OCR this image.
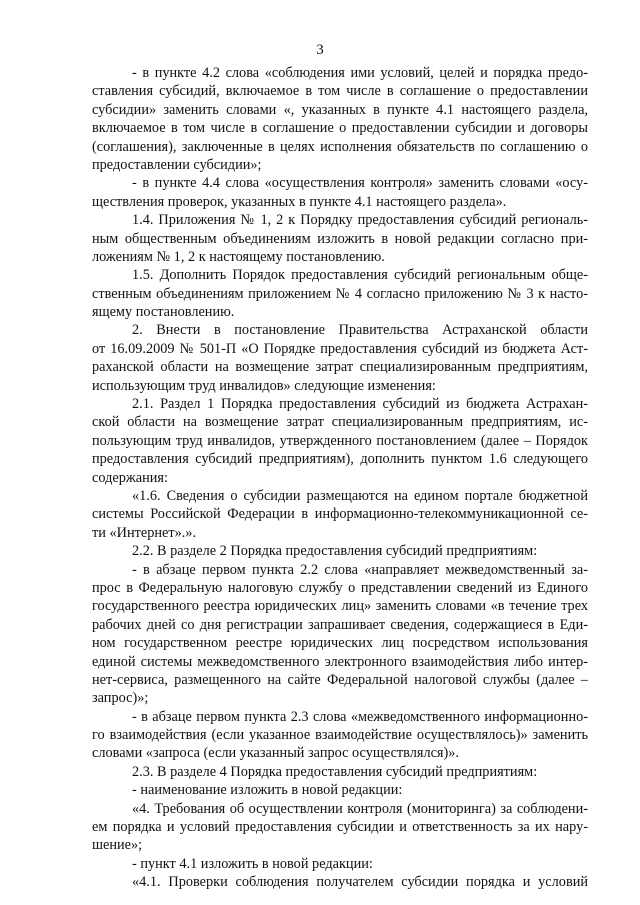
3
- в пункте 4.2 слова «соблюдения ими условий, целей и порядка предо-
ставления субсидий, включаемое в том числе в соглашение о предоставлении
субсидии» заменить словами «, указанных в пункте 4.1 настоящего раздела,
включаемое в том числе в соглашение о предоставлении субсидии и договоры
(соглашения), заключенные в целях исполнения обязательств по соглашению о
предоставлении субсидии»;
- в пункте 4.4 слова «осуществления контроля» заменить словами «осу-
ществления проверок, указанных в пункте 4.1 настоящего раздела».
1.4. Приложения № 1, 2 к Порядку предоставления субсидий региональ-
ным общественным объединениям изложить в новой редакции согласно при-
ложениям № 1, 2 к настоящему постановлению.
1.5. Дополнить Порядок предоставления субсидий региональным обще-
ственным объединениям приложением № 4 согласно приложению № 3 к насто-
ящему постановлению.
2. Внести в постановление Правительства Астраханской области
от 16.09.2009 № 501-П «О Порядке предоставления субсидий из бюджета Аст-
раханской области на возмещение затрат специализированным предприятиям,
использующим труд инвалидов» следующие изменения:
2.1. Раздел 1 Порядка предоставления субсидий из бюджета Астрахан-
ской области на возмещение затрат специализированным предприятиям, ис-
пользующим труд инвалидов, утвержденного постановлением (далее – Порядок
предоставления субсидий предприятиям), дополнить пунктом 1.6 следующего
содержания:
«1.6. Сведения о субсидии размещаются на едином портале бюджетной
системы Российской Федерации в информационно-телекоммуникационной се-
ти «Интернет».».
2.2. В разделе 2 Порядка предоставления субсидий предприятиям:
- в абзаце первом пункта 2.2 слова «направляет межведомственный за-
прос в Федеральную налоговую службу о представлении сведений из Единого
государственного реестра юридических лиц» заменить словами «в течение трех
рабочих дней со дня регистрации запрашивает сведения, содержащиеся в Еди-
ном государственном реестре юридических лиц посредством использования
единой системы межведомственного электронного взаимодействия либо интер-
нет-сервиса, размещенного на сайте Федеральной налоговой службы (далее –
запрос)»;
- в абзаце первом пункта 2.3 слова «межведомственного информационно-
го взаимодействия (если указанное взаимодействие осуществлялось)» заменить
словами «запроса (если указанный запрос осуществлялся)».
2.3. В разделе 4 Порядка предоставления субсидий предприятиям:
- наименование изложить в новой редакции:
«4. Требования об осуществлении контроля (мониторинга) за соблюдени-
ем порядка и условий предоставления субсидии и ответственность за их нару-
шение»;
- пункт 4.1 изложить в новой редакции:
«4.1. Проверки соблюдения получателем субсидии порядка и условий
